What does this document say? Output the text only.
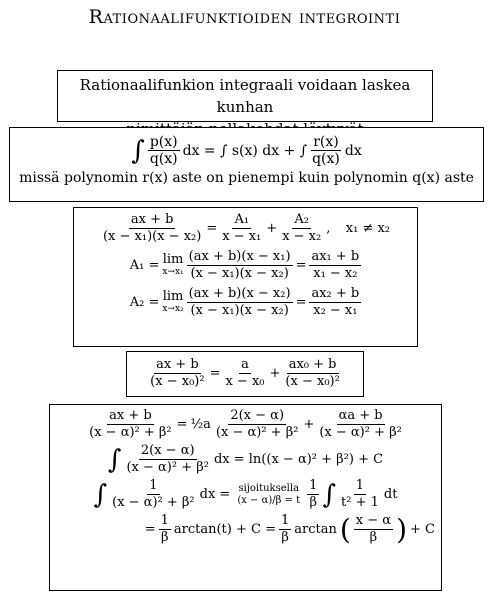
Rationaalifunktioiden integrointi
Rationaalifunkion integraali voidaan laskea kunhan
∫ $\frac{p(x)}{q(x)}$ dx = ∫ s(x) dx + ∫ $\frac{r(x)}{q(x)}$ dx
missä polynomin r(x) aste on pienempi kuin polynomin q(x) aste
$\frac{ax + b}{\text{(x − x₁)(x − x₂)}} = \frac{\text{A₁}}{\text{x − x₁}} + \frac{\text{A₂}}{\text{x − x₂}}$ , x₁ ≠ x₂
A₁ = lim
$x\to x_1 \frac{\text{(ax + b)(x − x₁)}}{\text{(x − x₁)(x − x₂)}} = \frac{\text{ax₁ + b}}{\text{x₁ − x₂}}$
A₂ = lim
$x\to x_2 \frac{\text{(ax + b)(x − x₂)}}{\text{(x − x₁)(x − x₂)}} = \frac{\text{ax₂ + b}}{\text{x₂ − x₁}}$
$\frac{ax + b}{\text{(x − x₀)²}} = \frac{a}{\text{x − x₀}} + \frac{\text{ax₀ + b}}{\text{(x − x₀)²}}$
$\frac{ax + b}{\text{(x − α)² + β²}}$ = ½a $\frac{2(x - \alpha)}{\text{(x − α)² + β²}} + \frac{\alpha a + b}{\text{(x − α)² + β²}}$
∫ $\frac{2(x - \alpha)}{\text{(x − α)² + β²}}$ dx = ln((x − α)² + β²) + C
∫ $\frac{1}{\text{(x − α)² + β²}}$ dx = sijoituksella
(x − α)/β = t $\frac{1}{\beta}$ ∫ $\frac{1}{\text{t² + 1}}$ dt
= $\frac{1}{\beta} \arctan(t) + C = \frac{1}{\beta}$ arctan ( $\frac{x - \alpha}{\beta}$ ) + C
